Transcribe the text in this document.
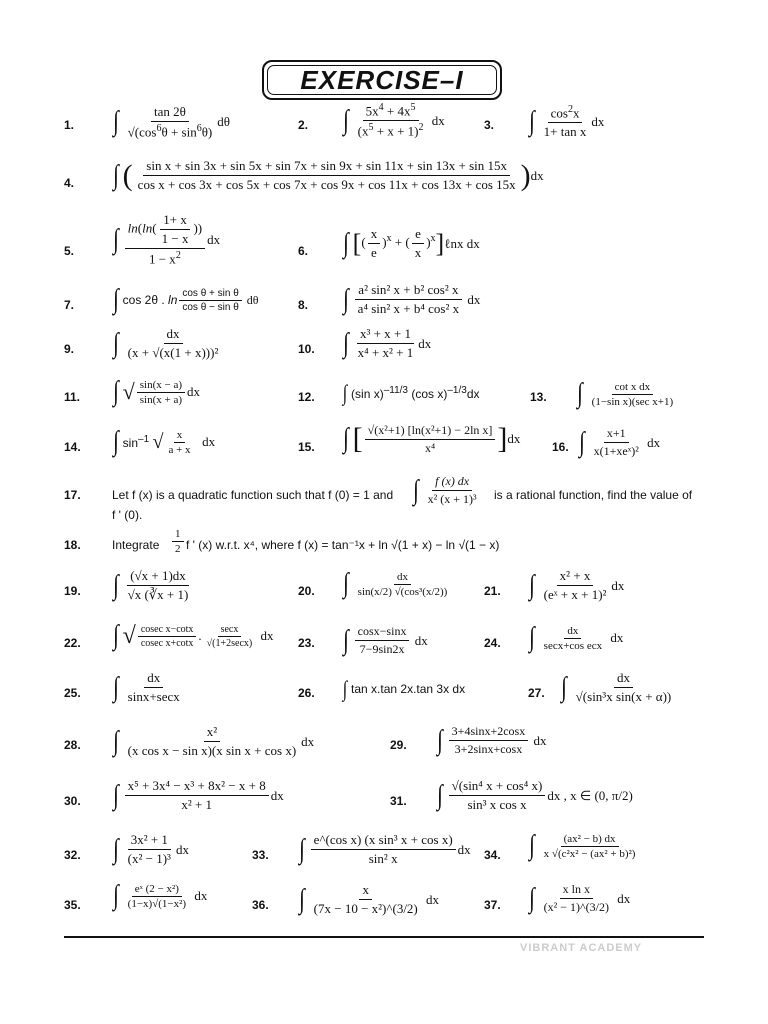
EXERCISE–I
1. ∫ $\frac{\tan 2\theta}{√(\cos^6\theta + \sin^6\theta)}$ dθ	2. ∫ $\frac{5x^4 + 4x^5}{(x^5 + x + 1)^2}$ dx	3. ∫ $\frac{\cos^2x}{\text{1+ tan x}}$ dx
4. ∫ ( sin x + sin 3x + sin 5x + sin 7x + sin 9x + sin 11x + sin 13x + sin 15x
cos x + cos 3x + cos 5x + cos 7x + cos 9x + cos 11x + cos 13x + cos 15x ) dx
5. ∫ $\frac{\ln(\ln( \frac{1+ x}{1 - x} ))}{1 - x^2}$ dx
6. ∫ [ ( $\frac{x}{e} )^x$ + ( $\frac{e}{x} )^x$ ] ℓnx dx
7. ∫ cos 2θ . $\ln \frac{\text{cos θ + sin θ}}{\text{cos θ − sin θ}}$ dθ	8. ∫ $\frac{\text{a² sin² x + b² cos² x}}{\text{a⁴ sin² x + b⁴ cos² x}}$ dx
9. ∫ $\frac{dx}{\text{(x + √(x(1 + x)))²}}$	10. ∫ $\frac{\text{x³ + x + 1}}{\text{x⁴ + x² + 1}}$ dx
11. ∫ √ $\frac{\sin(x - a)}{\sin(x + a)}$ dx	12. ∫ (sin x)$^{-11/3}$ (cos x)$^{-1/3}$dx	13. ∫ $\frac{\text{cot x dx}}{\text{(1−sin x)(sec x+1)}}$
14. ∫ $\sin^{-1}$ √ $\frac{x}{a + x}$ dx	15. ∫ [ $\frac{\text{√(x²+1) [ln(x²+1) − 2ln x]}}{\text{x⁴}}$ ] dx
16. ∫ $\frac{x+1}{\text{x(1+xeˣ)²}}$ dx
17.	Let f (x) is a quadratic function such that f (0) = 1 and ∫ $\frac{f (x) dx}{\text{x² (x + 1)³}}$ is a rational function, find the value of
f ' (0).
18.	Integrate $\frac{1}{2}$ f ' (x) w.r.t. x⁴, where f (x) = tan⁻¹x + ln √(1 + x) − ln √(1 − x)
19. ∫ $\frac{(√x + 1)dx}{√x (∛x + 1)}$	20. ∫ $\frac{dx}{\text{sin(x/2) √(cos³(x/2))}}$	21. ∫ $\frac{\text{x² + x}}{\text{(eˣ + x + 1)²}}$ dx
22. ∫ √ $\frac{\text{cosec x−cotx}}{\text{cosec x+cotx}}$ . $\frac{\sec x}{√(1+2\sec x)}$ dx 23. ∫ $\frac{\cos x-\sin x}{7-9\sin 2x}$ dx	24. ∫ $\frac{dx}{\text{secx+cos ecx}}$ dx
25. ∫ $\frac{dx}{\sin x+\sec x}$	26. ∫ tan x.tan 2x.tan 3x dx	27. ∫ $\frac{dx}{\text{√(sin³x sin(x + α))}}$
28. ∫ $\frac{\text{x²}}{\text{(x cos x − sin x)(x sin x + cos x)}}$ dx	29. ∫ $\frac{3+4\sin x+2\cos x}{3+2\sin x+\cos x}$ dx
30. ∫ $\frac{\text{x⁵ + 3x⁴ − x³ + 8x² − x + 8}}{\text{x² + 1}}$ dx	31. ∫ $\frac{\text{√(sin⁴ x + cos⁴ x)}}{\text{sin³ x cos x}}$ dx , x ∈ (0, π/2)
32. ∫ $\frac{\text{3x² + 1}}{\text{(x² − 1)³}}$ dx	33. ∫ $\frac{\text{e\textasciicircum{}(cos x) (x sin³ x + cos x)}}{\text{sin² x}}$ dx 34. ∫ $\frac{\text{(ax² − b) dx}}{\text{x √(c²x² − (ax² + b)²)}}$
35. ∫ $\frac{\text{eˣ (2 − x²)}}{\text{(1−x)√(1−x²)}}$ dx
36. ∫ $\frac{x}{\text{(7x − 10 − x²)\textasciicircum{}(3/2)}}$ dx	37. ∫ $\frac{\text{x ln x}}{\text{(x² − 1)\textasciicircum{}(3/2)}}$ dx
VIBRANT ACADEMY
